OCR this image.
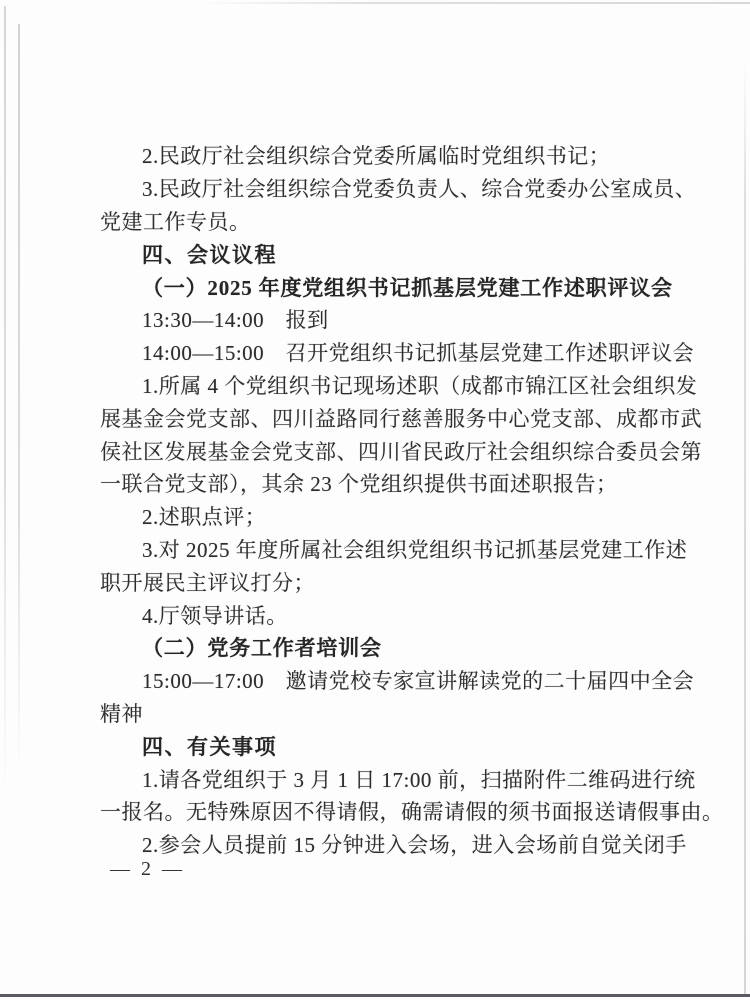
2.民政厅社会组织综合党委所属临时党组织书记；
3.民政厅社会组织综合党委负责人、综合党委办公室成员、
党建工作专员。
四、会议议程
（一）2025 年度党组织书记抓基层党建工作述职评议会
13:30—14:00　报到
14:00—15:00　召开党组织书记抓基层党建工作述职评议会
1.所属 4 个党组织书记现场述职（成都市锦江区社会组织发
展基金会党支部、四川益路同行慈善服务中心党支部、成都市武
侯社区发展基金会党支部、四川省民政厅社会组织综合委员会第
一联合党支部），其余 23 个党组织提供书面述职报告；
2.述职点评；
3.对 2025 年度所属社会组织党组织书记抓基层党建工作述
职开展民主评议打分；
4.厅领导讲话。
（二）党务工作者培训会
15:00—17:00　邀请党校专家宣讲解读党的二十届四中全会
精神
四、有关事项
1.请各党组织于 3 月 1 日 17:00 前，扫描附件二维码进行统
一报名。无特殊原因不得请假，确需请假的须书面报送请假事由。
2.参会人员提前 15 分钟进入会场，进入会场前自觉关闭手
— 2 —
